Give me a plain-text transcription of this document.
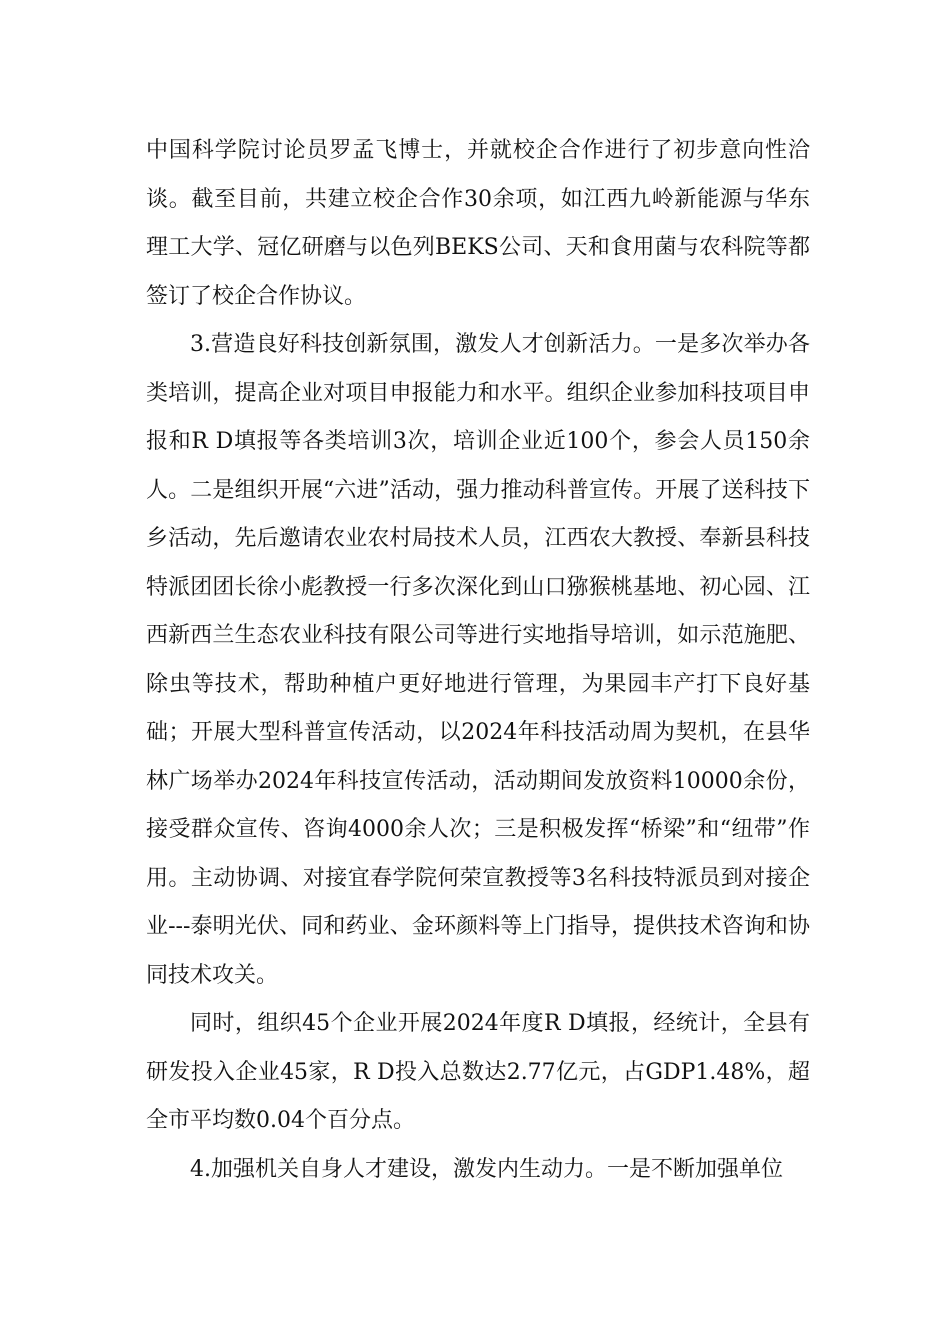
中国科学院讨论员罗孟飞博士，并就校企合作进行了初步意向性洽谈。截至目前，共建立校企合作30余项，如江西九岭新能源与华东理工大学、冠亿研磨与以色列BEKS公司、天和食用菌与农科院等都签订了校企合作协议。

3.营造良好科技创新氛围，激发人才创新活力。一是多次举办各类培训，提高企业对项目申报能力和水平。组织企业参加科技项目申报和R D填报等各类培训3次，培训企业近100个，参会人员150余人。二是组织开展“六进”活动，强力推动科普宣传。开展了送科技下乡活动，先后邀请农业农村局技术人员，江西农大教授、奉新县科技特派团团长徐小彪教授一行多次深化到山口猕猴桃基地、初心园、江西新西兰生态农业科技有限公司等进行实地指导培训，如示范施肥、除虫等技术，帮助种植户更好地进行管理，为果园丰产打下良好基础；开展大型科普宣传活动，以2024年科技活动周为契机，在县华林广场举办2024年科技宣传活动，活动期间发放资料10000余份，接受群众宣传、咨询4000余人次；三是积极发挥“桥梁”和“纽带”作用。主动协调、对接宜春学院何荣宣教授等3名科技特派员到对接企业---泰明光伏、同和药业、金环颜料等上门指导，提供技术咨询和协同技术攻关。

同时，组织45个企业开展2024年度R D填报，经统计，全县有研发投入企业45家，R D投入总数达2.77亿元，占GDP1.48%，超全市平均数0.04个百分点。

4.加强机关自身人才建设，激发内生动力。一是不断加强单位
